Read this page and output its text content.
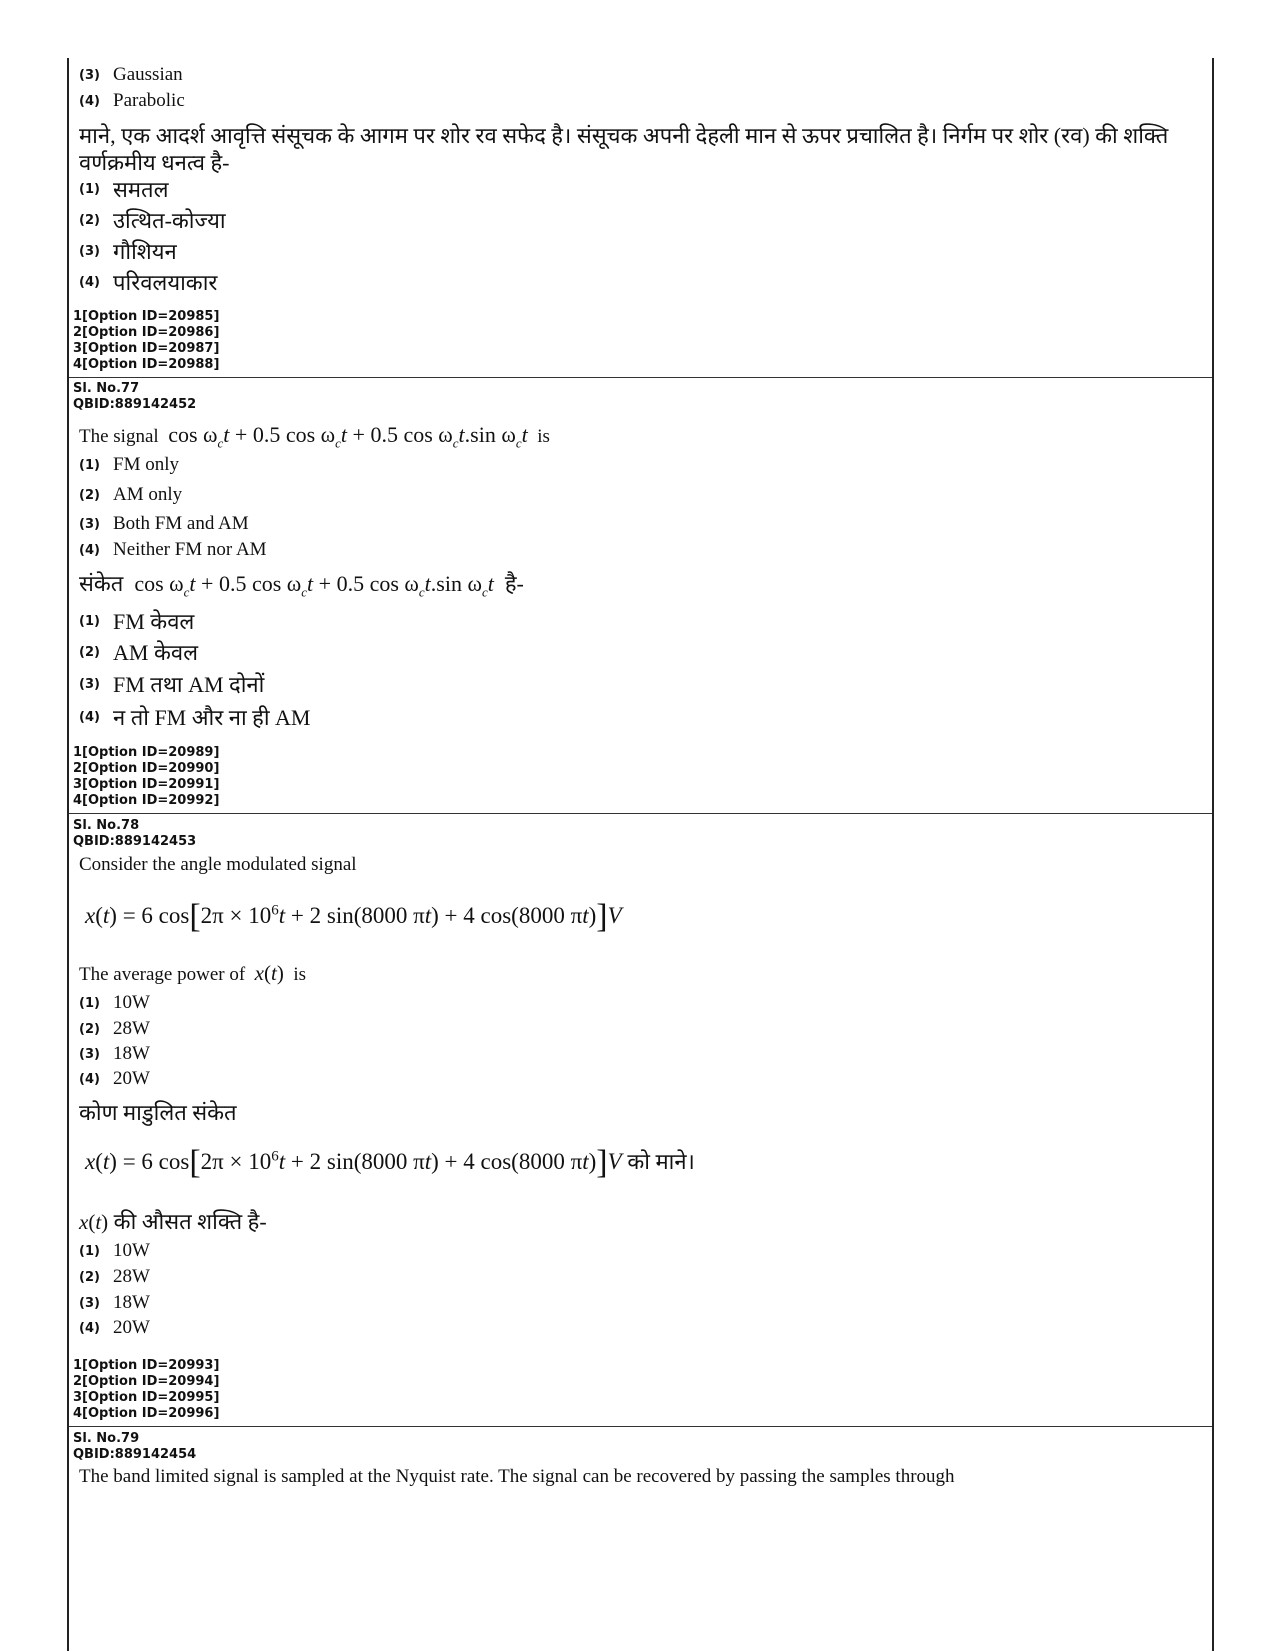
(3) Gaussian
(4) Parabolic
माने, एक आदर्श आवृत्ति संसूचक के आगम पर शोर रव सफेद है। संसूचक अपनी देहली मान से ऊपर प्रचालित है। निर्गम पर शोर (रव) की शक्ति
वर्णक्रमीय धनत्व है-
(1) समतल
(2) उत्थित-कोज्या
(3) गौशियन
(4) परिवलयाकार
1[Option ID=20985]
2[Option ID=20986]
3[Option ID=20987]
4[Option ID=20988]
Sl. No.77
QBID:889142452
The signal $\cos \omega_ct + 0.5$ $\cos \omega_ct + 0.5$ $\cos \omega_ct.\sin$ $\omega_ct$ is
(1) FM only
(2) AM only
(3) Both FM and AM
(4) Neither FM nor AM
संकेत $\cos \omega_ct + 0.5$ $\cos \omega_ct + 0.5$ $\cos \omega_ct.\sin$ $\omega_ct$ है-
(1) FM केवल
(2) AM केवल
(3) FM तथा AM दोनों
(4) न तो FM और ना ही AM
1[Option ID=20989]
2[Option ID=20990]
3[Option ID=20991]
4[Option ID=20992]
Sl. No.78
QBID:889142453
Consider the angle modulated signal
x(t) = 6 $\cos[2\pi \times 10^6t + 2$ sin(8000 πt) + 4 cos(8000 πt)]V
The average power of x(t) is
(1) 10W
(2) 28W
(3) 18W
(4) 20W
कोण माडुलित संकेत
x(t) = 6 $\cos[2\pi \times 10^6t + 2$ sin(8000 πt) + 4 cos(8000 πt)]V को माने।
x(t) की औसत शक्ति है-
(1) 10W
(2) 28W
(3) 18W
(4) 20W
1[Option ID=20993]
2[Option ID=20994]
3[Option ID=20995]
4[Option ID=20996]
Sl. No.79
QBID:889142454
The band limited signal is sampled at the Nyquist rate. The signal can be recovered by passing the samples through
